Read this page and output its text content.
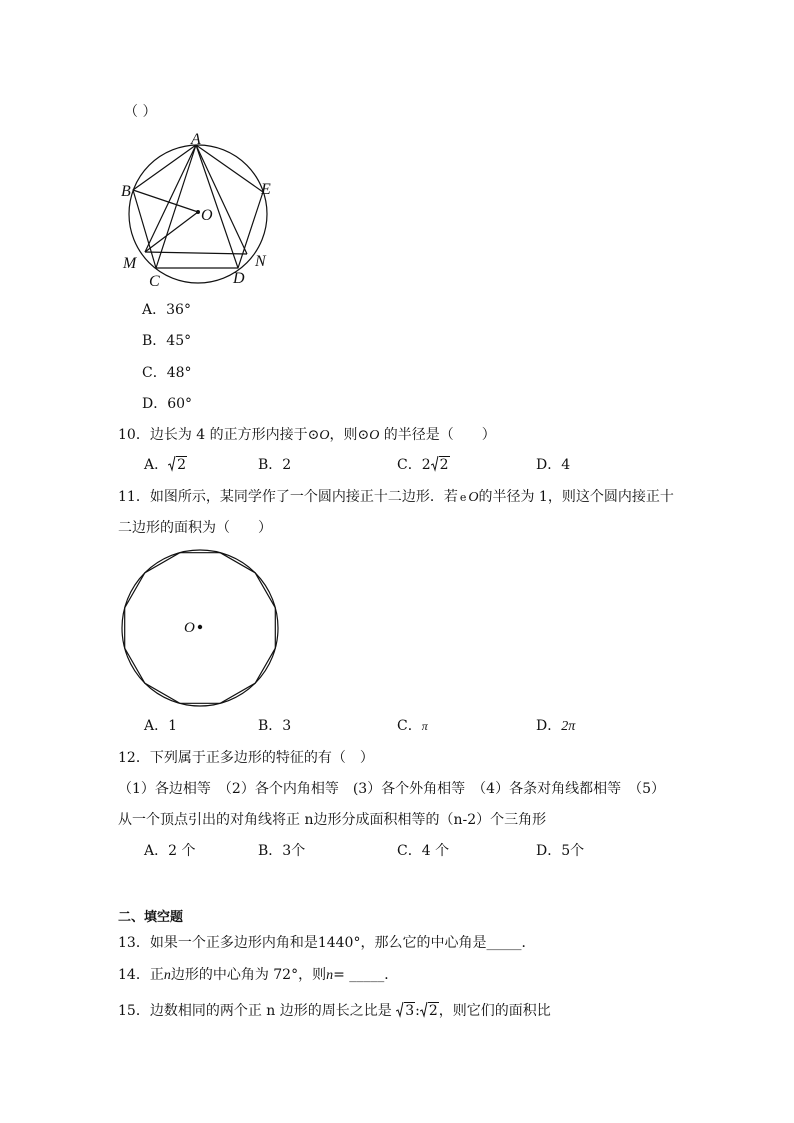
（ ）
A
B	E
O
M	N
C	D
A．36°
B．45°
C．48°
D．60°
10．边长为 4 的正方形内接于⊙O，则⊙O 的半径是（　　）
A． 2	B．2	C．2 2	D．4
11．如图所示，某同学作了一个圆内接正十二边形．若 e O的半径为 1，则这个圆内接正十
二边形的面积为（　　）
O
A．1	B．3	C．π	D．2π
12．下列属于正多边形的特征的有（　）
（1）各边相等　（2）各个内角相等　(3）各个外角相等　（4）各条对角线都相等　（5）
从一个顶点引出的对角线将正 n边形分成面积相等的（n-2）个三角形
A．2 个	B．3个	C．4 个	D．5个
二、填空题
13．如果一个正多边形内角和是1440°，那么它的中心角是_____．
14．正n边形的中心角为 72°，则n= _____．
15．边数相同的两个正 n 边形的周长之比是 3: 2，则它们的面积比
